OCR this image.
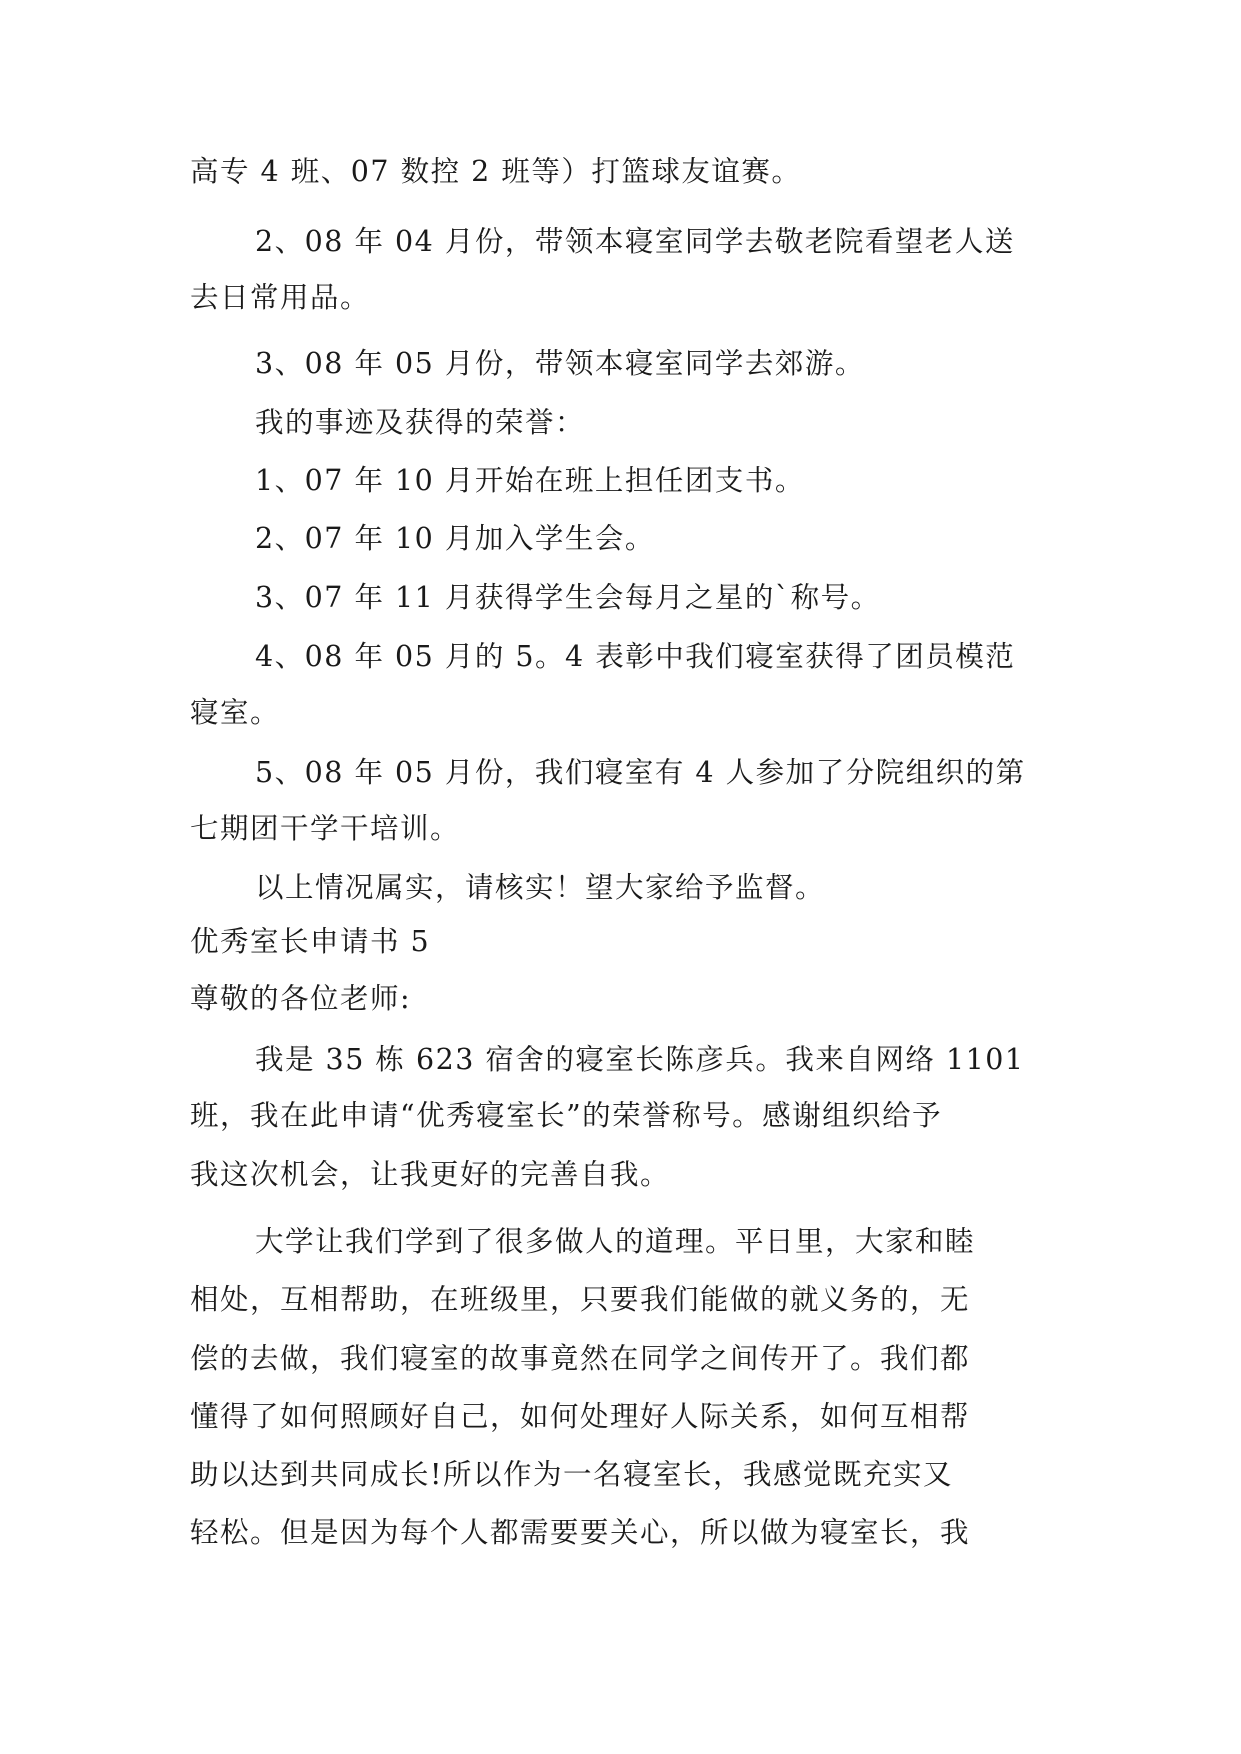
高专 4 班、07 数控 2 班等）打篮球友谊赛。
2、08 年 04 月份，带领本寝室同学去敬老院看望老人送
去日常用品。
3、08 年 05 月份，带领本寝室同学去郊游。
我的事迹及获得的荣誉：
1、07 年 10 月开始在班上担任团支书。
2、07 年 10 月加入学生会。
3、07 年 11 月获得学生会每月之星的`称号。
4、08 年 05 月的 5。4 表彰中我们寝室获得了团员模范
寝室。
5、08 年 05 月份，我们寝室有 4 人参加了分院组织的第
七期团干学干培训。
以上情况属实，请核实！望大家给予监督。
优秀室长申请书 5
尊敬的各位老师:
我是 35 栋 623 宿舍的寝室长陈彦兵。我来自网络 1101
班，我在此申请“优秀寝室长”的荣誉称号。感谢组织给予
我这次机会，让我更好的完善自我。
大学让我们学到了很多做人的道理。平日里，大家和睦
相处，互相帮助，在班级里，只要我们能做的就义务的，无
偿的去做，我们寝室的故事竟然在同学之间传开了。我们都
懂得了如何照顾好自己，如何处理好人际关系，如何互相帮
助以达到共同成长!所以作为一名寝室长，我感觉既充实又
轻松。但是因为每个人都需要要关心，所以做为寝室长，我
